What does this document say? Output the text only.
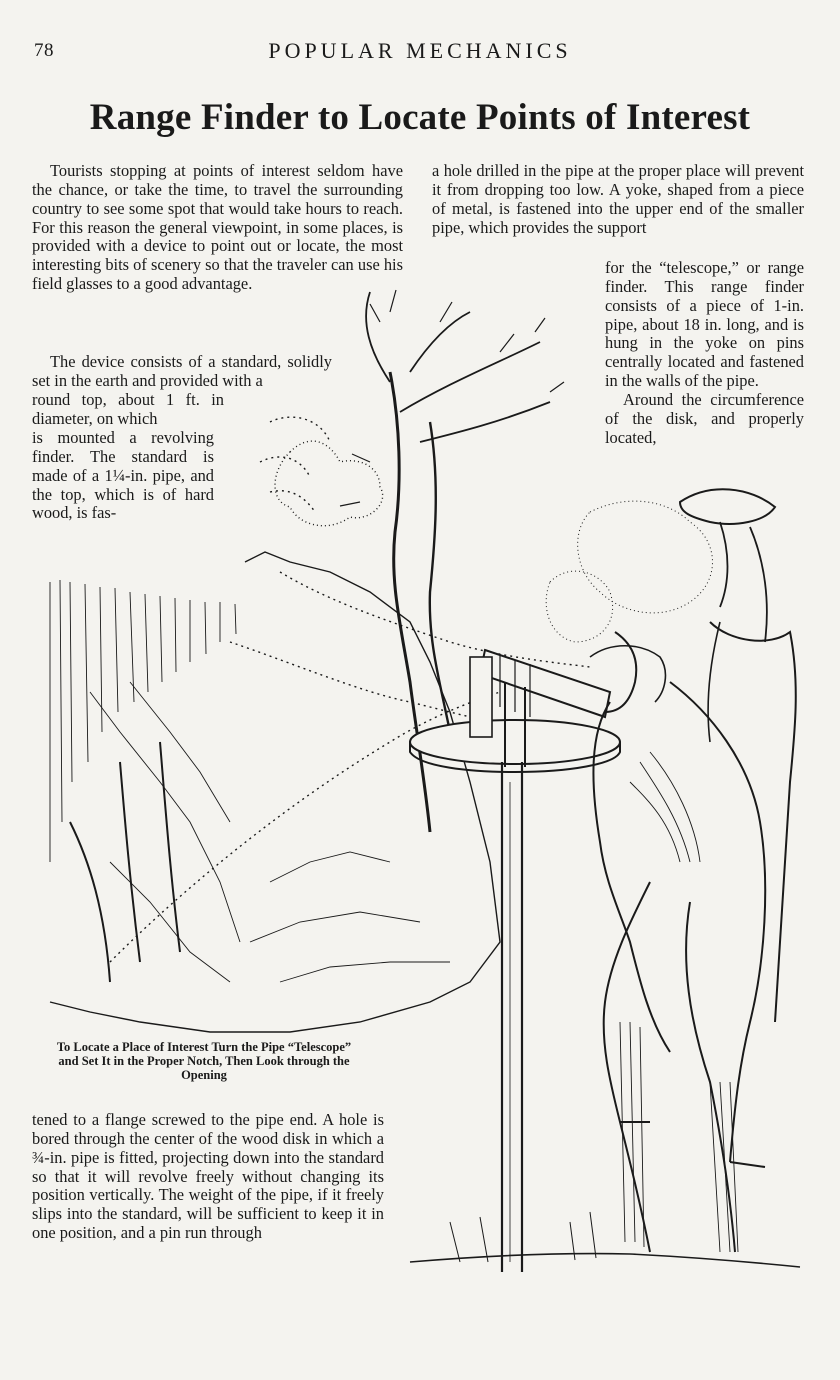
78	POPULAR MECHANICS
Range Finder to Locate Points of Interest

Tourists stopping at points of interest seldom have the chance, or take the time, to travel the surrounding country to see some spot that would take hours to reach. For this reason the general viewpoint, in some places, is provided with a device to point out or locate, the most interesting bits of scenery so that the traveler can use his field glasses to a good advantage.

The device consists of a standard, solidly set in the earth and provided with a

round top, about 1 ft. in diameter, on which

is mounted a revolving finder. The standard is made of a 1¼-in. pipe, and the top, which is of hard wood, is fas-

a hole drilled in the pipe at the proper place will prevent it from dropping too low. A yoke, shaped from a piece of metal, is fastened into the upper end of the smaller pipe, which provides the support

for the “telescope,” or range finder. This range finder consists of a piece of 1-in. pipe, about 18 in. long, and is hung in the yoke on pins centrally located and fastened in the walls of the pipe.

Around the circumference of the disk, and properly located,

tened to a flange screwed to the pipe end. A hole is bored through the center of the wood disk in which a ¾-in. pipe is fitted, projecting down into the standard so that it will revolve freely without changing its position vertically. The weight of the pipe, if it freely slips into the standard, will be sufficient to keep it in one position, and a pin run through

To Locate a Place of Interest Turn the Pipe “Telescope” and Set It in the Proper Notch, Then Look through the Opening
